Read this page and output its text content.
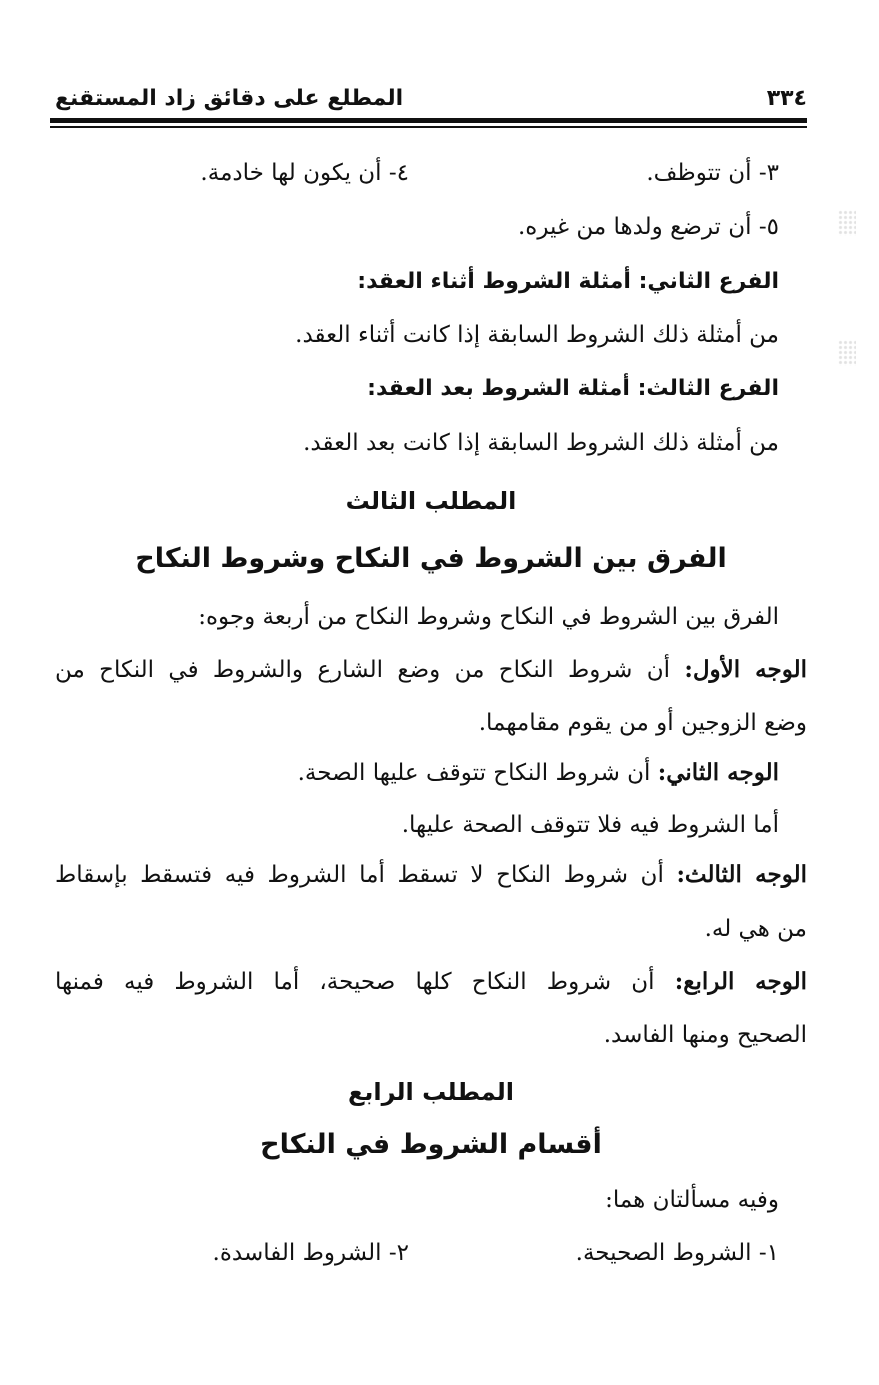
٣٣٤
المطلع على دقائق زاد المستقنع
٣- أن تتوظف.
٤- أن يكون لها خادمة.
٥- أن ترضع ولدها من غيره.
الفرع الثاني: أمثلة الشروط أثناء العقد:
من أمثلة ذلك الشروط السابقة إذا كانت أثناء العقد.
الفرع الثالث: أمثلة الشروط بعد العقد:
من أمثلة ذلك الشروط السابقة إذا كانت بعد العقد.
المطلب الثالث
الفرق بين الشروط في النكاح وشروط النكاح
الفرق بين الشروط في النكاح وشروط النكاح من أربعة وجوه:
الوجه الأول: أن شروط النكاح من وضع الشارع والشروط في النكاح من
وضع الزوجين أو من يقوم مقامهما.
الوجه الثاني: أن شروط النكاح تتوقف عليها الصحة.
أما الشروط فيه فلا تتوقف الصحة عليها.
الوجه الثالث: أن شروط النكاح لا تسقط أما الشروط فيه فتسقط بإسقاط
من هي له.
الوجه الرابع: أن شروط النكاح كلها صحيحة، أما الشروط فيه فمنها
الصحيح ومنها الفاسد.
المطلب الرابع
أقسام الشروط في النكاح
وفيه مسألتان هما:
١- الشروط الصحيحة.
٢- الشروط الفاسدة.
